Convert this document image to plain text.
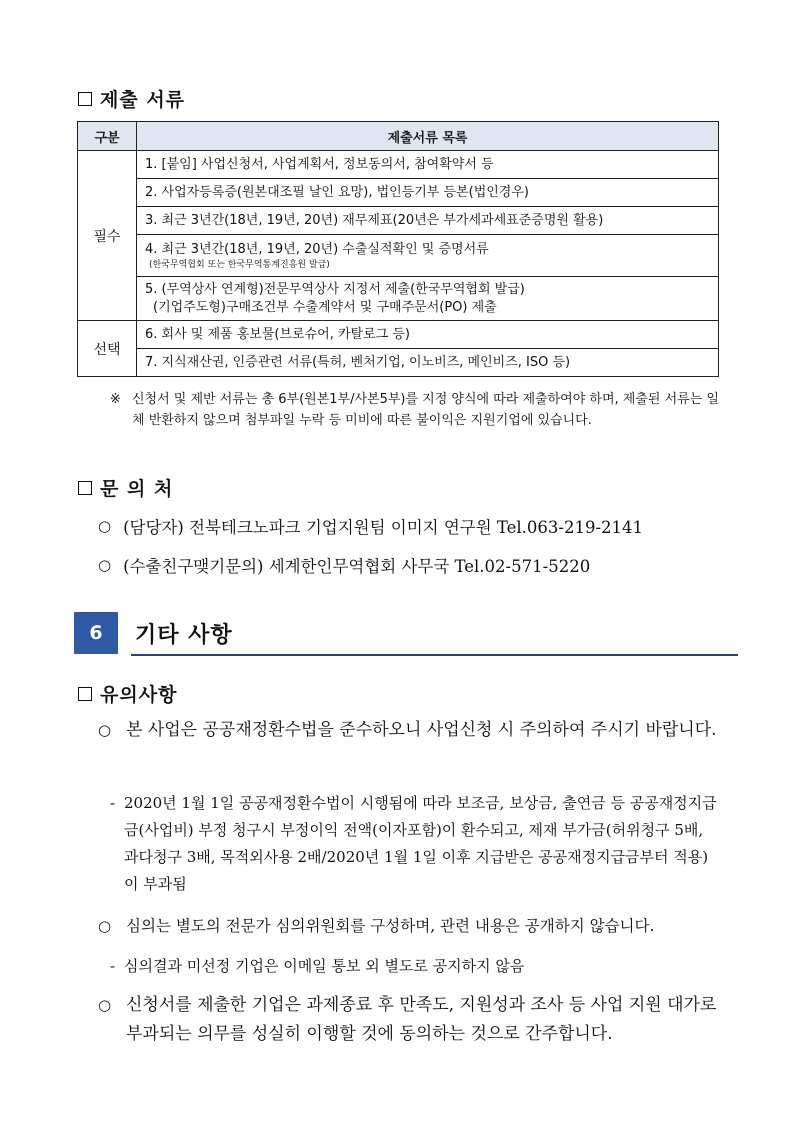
제출 서류
구분	제출서류 목록
필수	1. [붙임] 사업신청서, 사업계획서, 정보동의서, 참여확약서 등
	2. 사업자등록증(원본대조필 날인 요망), 법인등기부 등본(법인경우)
	3. 최근 3년간(18년, 19년, 20년) 재무제표(20년은 부가세과세표준증명원 활용)
	4. 최근 3년간(18년, 19년, 20년) 수출실적확인 및 증명서류
(한국무역협회 또는 한국무역통계진흥원 발급)

	5. (무역상사 연계형)전문무역상사 지정서 제출(한국무역협회 발급)
(기업주도형)구매조건부 수출계약서 및 구매주문서(PO) 제출

선택	6. 회사 및 제품 홍보물(브로슈어, 카탈로그 등)
	7. 지식재산권, 인증관련 서류(특허, 벤처기업, 이노비즈, 메인비즈, ISO 등)
※ 신청서 및 제반 서류는 총 6부(원본1부/사본5부)를 지정 양식에 따라 제출하여야 하며, 제출된 서류는 일체 반환하지 않으며 첨부파일 누락 등 미비에 따른 불이익은 지원기업에 있습니다.
문 의 처
○ (담당자) 전북테크노파크 기업지원팀 이미지 연구원 Tel.063-219-2141
○ (수출친구맺기문의) 세계한인무역협회 사무국 Tel.02-571-5220
6	기타 사항
유의사항
○ 본 사업은 공공재정환수법을 준수하오니 사업신청 시 주의하여 주시기 바랍니다.
- 2020년 1월 1일 공공재정환수법이 시행됨에 따라 보조금, 보상금, 출연금 등 공공재정지급금(사업비) 부정 청구시 부정이익 전액(이자포함)이 환수되고, 제재 부가금(허위청구 5배, 과다청구 3배, 목적외사용 2배/2020년 1월 1일 이후 지급받은 공공재정지급금부터 적용)이 부과됨
○ 심의는 별도의 전문가 심의위원회를 구성하며, 관련 내용은 공개하지 않습니다.
- 심의결과 미선정 기업은 이메일 통보 외 별도로 공지하지 않음
○ 신청서를 제출한 기업은 과제종료 후 만족도, 지원성과 조사 등 사업 지원 대가로 부과되는 의무를 성실히 이행할 것에 동의하는 것으로 간주합니다.
